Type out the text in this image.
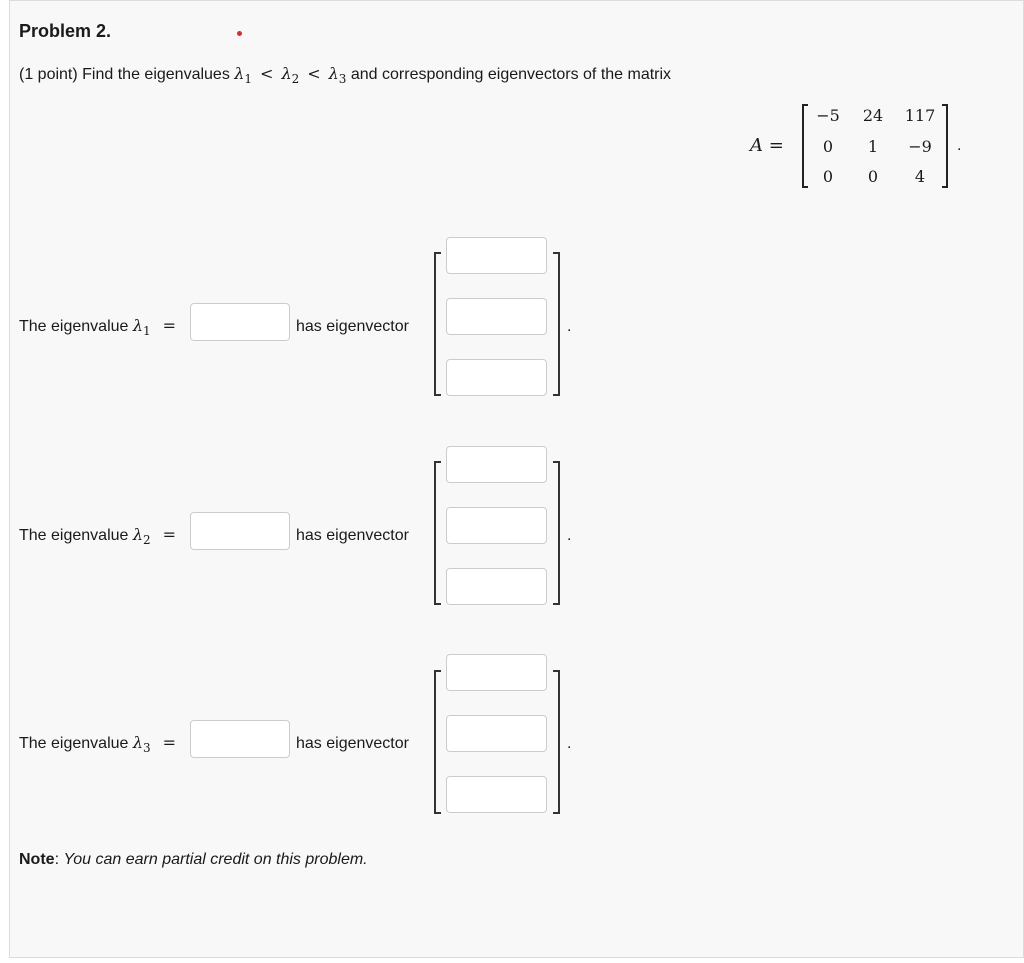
Problem 2.
(1 point) Find the eigenvalues $\lambda_1 < \lambda_2 < \lambda_3$ and corresponding eigenvectors of the matrix
A =
−5	24	117
0	1	−9
0	0	4
.
The eigenvalue $\lambda_1$ =	has eigenvector	.
The eigenvalue $\lambda_2$ =	has eigenvector	.
The eigenvalue $\lambda_3$ =	has eigenvector	.
Note: You can earn partial credit on this problem.
